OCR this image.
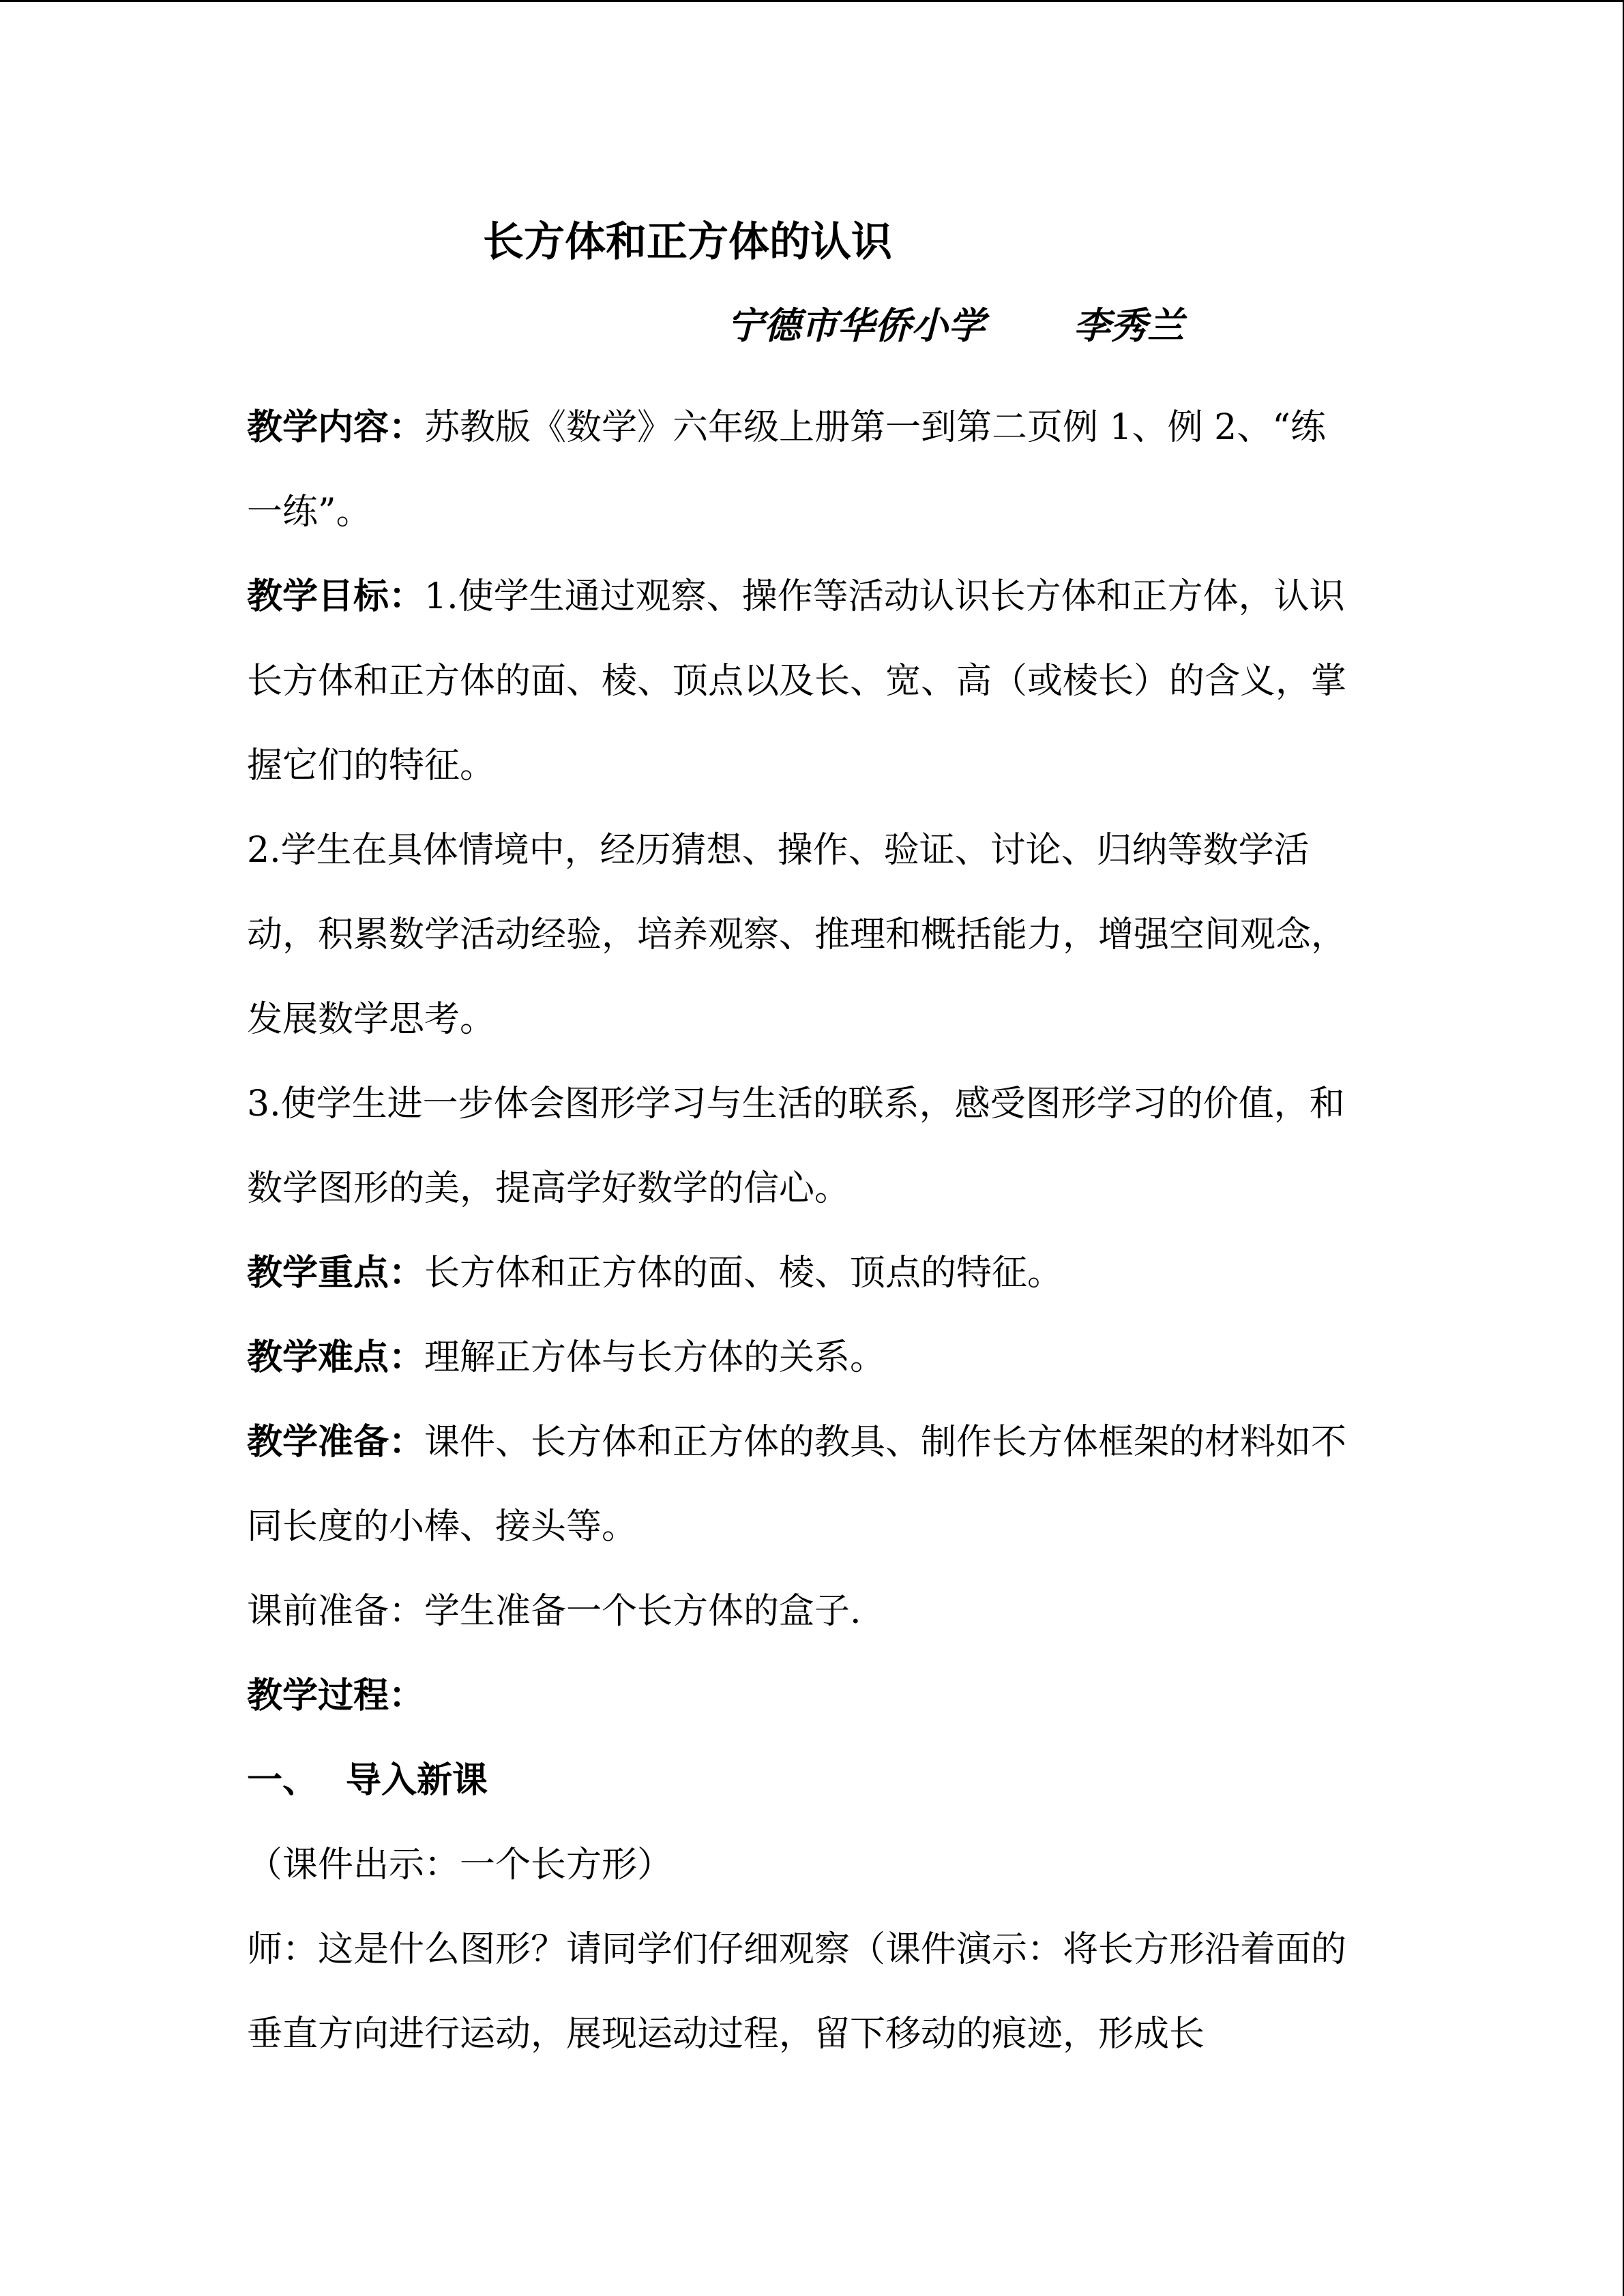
长方体和正方体的认识
宁德市华侨小学 李秀兰

教学内容：苏教版《数学》六年级上册第一到第二页例 1、例 2、“练一练”。

教学目标：1.使学生通过观察、操作等活动认识长方体和正方体，认识长方体和正方体的面、棱、顶点以及长、宽、高（或棱长）的含义，掌握它们的特征。

2.学生在具体情境中，经历猜想、操作、验证、讨论、归纳等数学活动，积累数学活动经验，培养观察、推理和概括能力，增强空间观念，发展数学思考。

3.使学生进一步体会图形学习与生活的联系，感受图形学习的价值，和数学图形的美，提高学好数学的信心。

教学重点：长方体和正方体的面、棱、顶点的特征。

教学难点：理解正方体与长方体的关系。

教学准备：课件、长方体和正方体的教具、制作长方体框架的材料如不同长度的小棒、接头等。

课前准备：学生准备一个长方体的盒子.

教学过程：

一、 导入新课

（课件出示：一个长方形）

师：这是什么图形？请同学们仔细观察（课件演示：将长方形沿着面的垂直方向进行运动，展现运动过程，留下移动的痕迹，形成长
